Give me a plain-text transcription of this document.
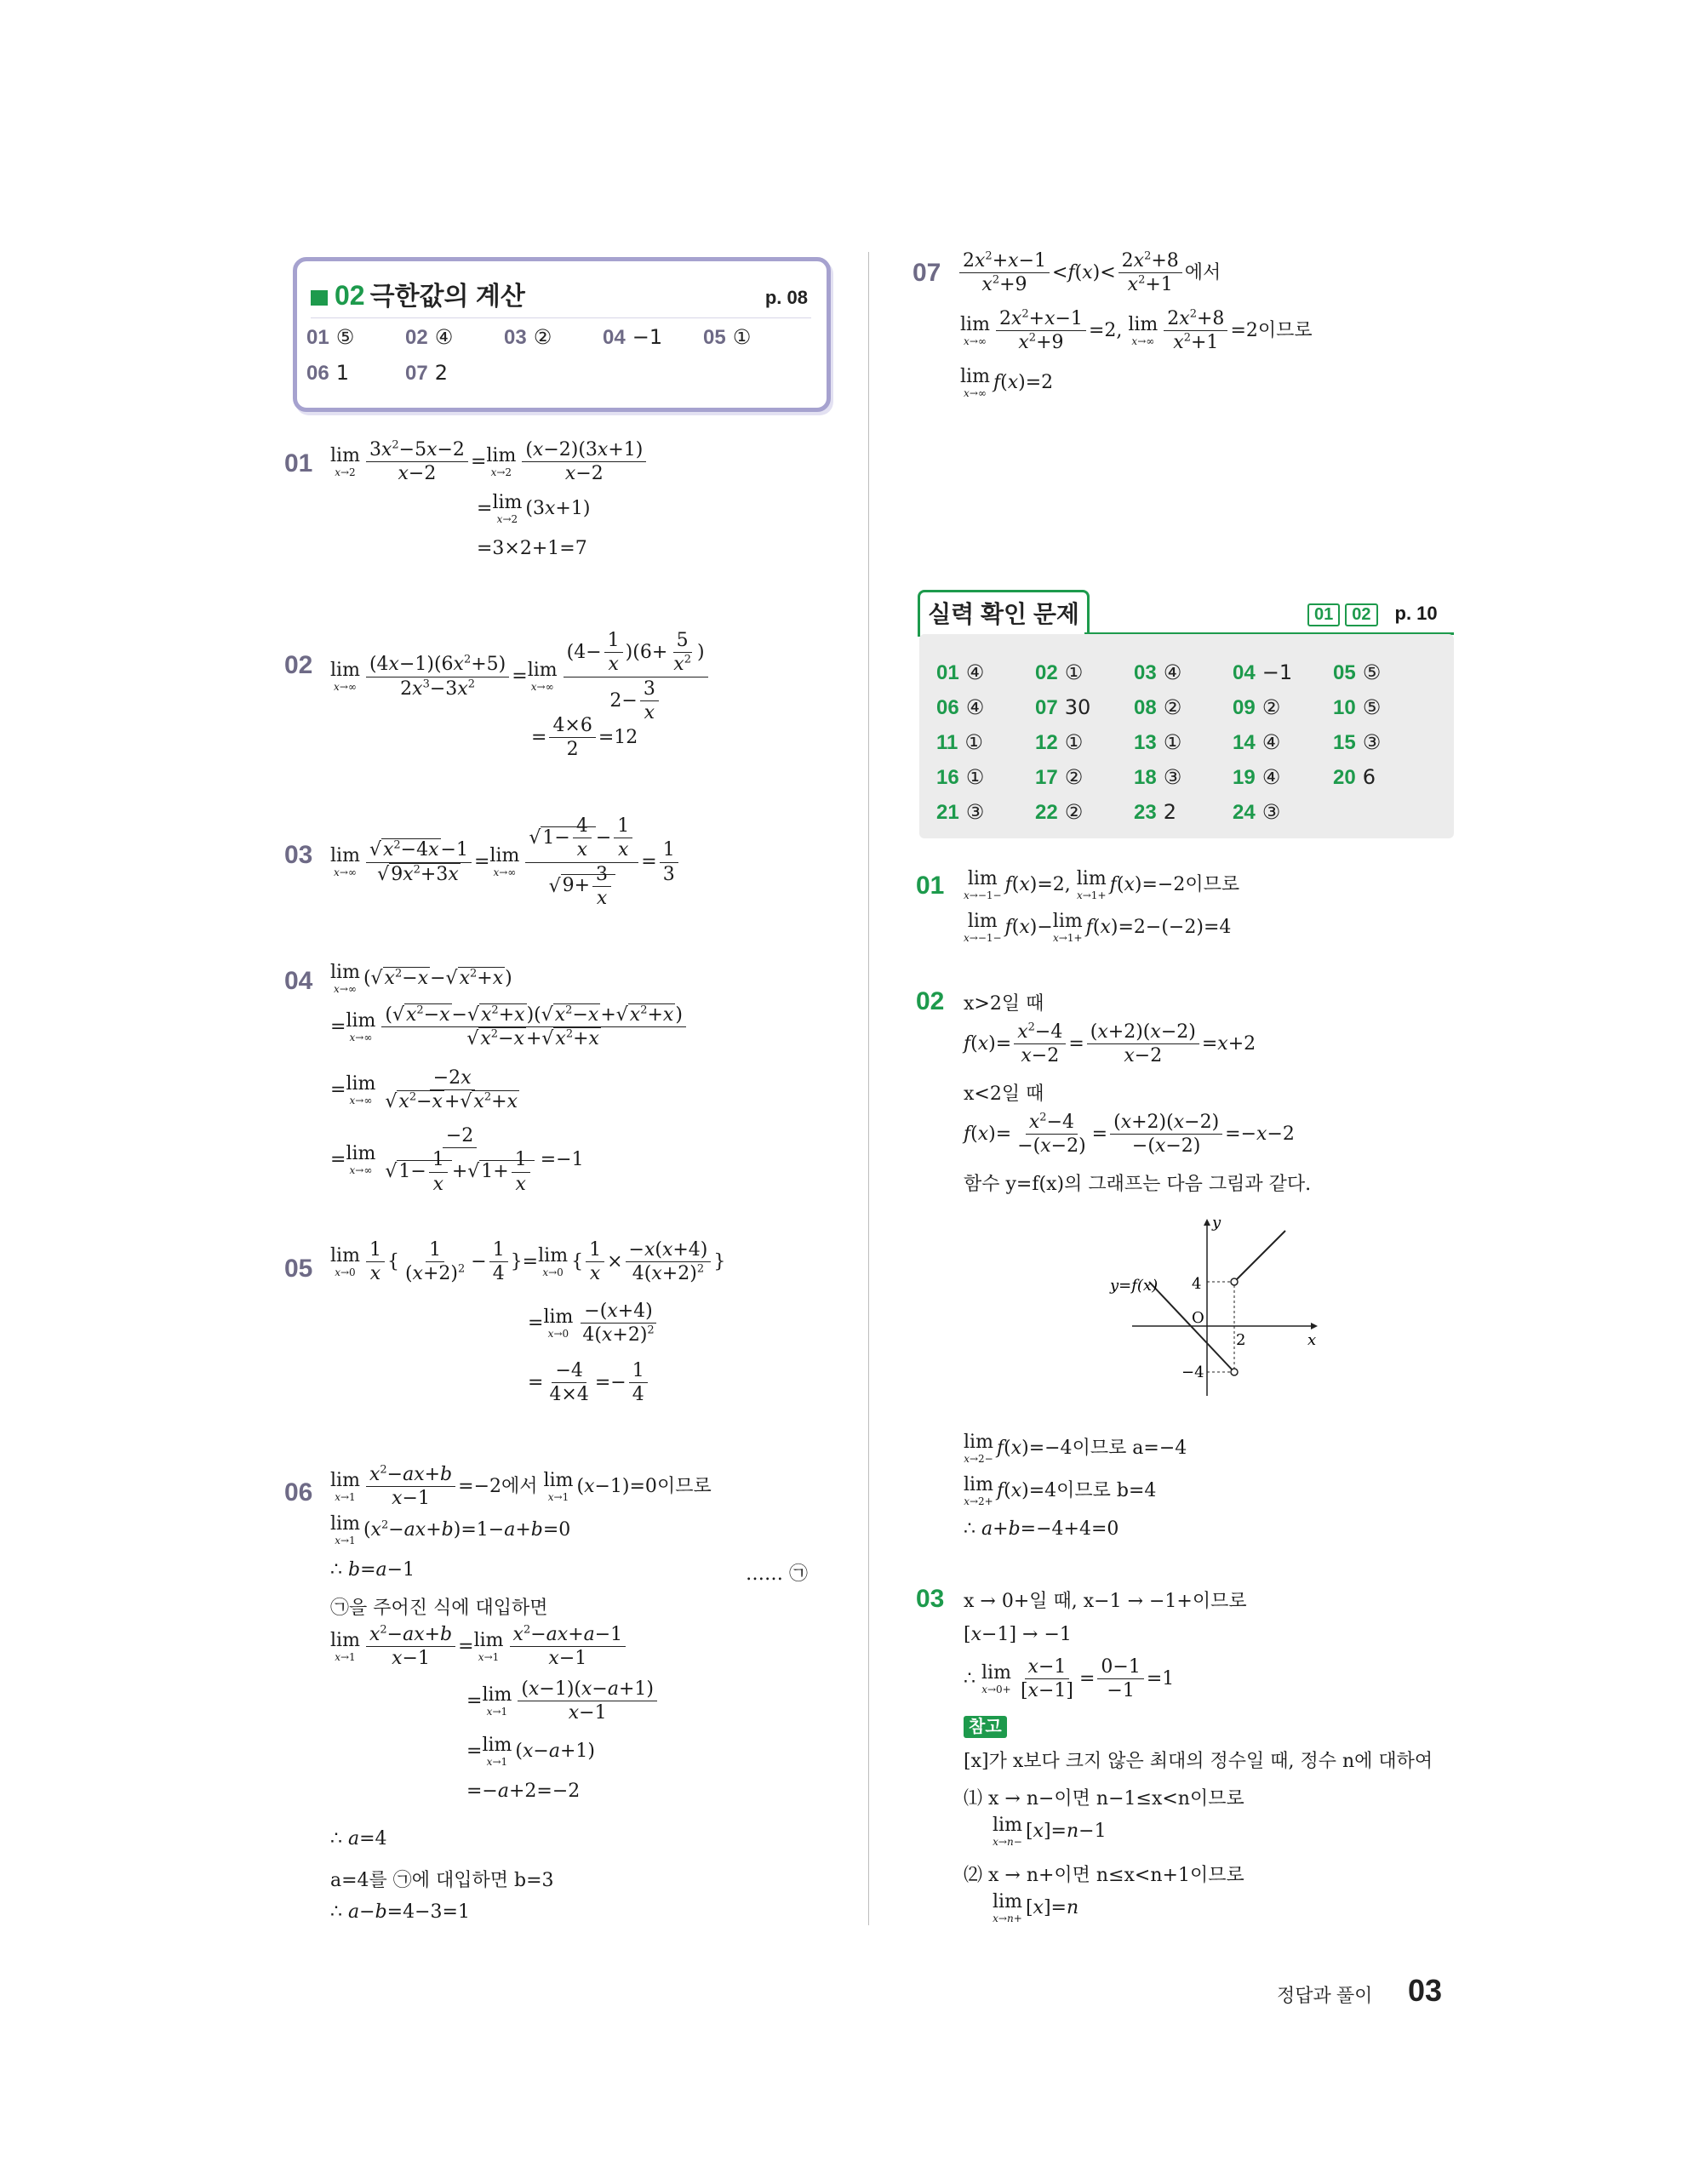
02 극한값의 계산	p. 08
01 ⑤ 02 ④ 03 ② 04 −1 05 ①
06 1	07 2
01 lim
$x\to 2 \frac{3x^2-5x-2}{x-2} = \lim$
$x\to 2 \frac{(x-2)(3x+1)}{x-2}$
= lim
x→2 (3x+1)
=3×2+1=7
02 lim
$x\to\infty \frac{(4x-1)(6x^2+5)}{2x^3-3x^2} = \lim$
$x\to\infty \frac{(4- \frac{1}{x} )(6+ \frac{5}{x^2} )}{2- \frac{3}{x}}$
= $\frac{4\times 6}{2} =12$
03 lim
$x\to\infty \frac{√x^2-4x-1}{√9x^2+3x} = \lim$
$x\to\infty \frac{√1- \frac{4}{x} - \frac{1}{x}}{√9+ \frac{3}{x}} = \frac{1}{3}$
04 lim
x→∞ $(√x^2-x-√x^2+x)$
= lim
$x\to\infty \frac{(√x^2-x-√x^2+x)(√x^2-x+√x^2+x)}{√x^2-x+√x^2+x}$
= lim
$x\to\infty \frac{-2x}{√x^2-x+√x^2+x}$
= lim
$x\to\infty \frac{-2}{√1- \frac{1}{x} +√1+ \frac{1}{x}} =-1$
05 lim
$x\to 0 \frac{1}{x}$ { $\frac{1}{(x+2)^2} - \frac{1}{4}$ }= lim
x→0 { $\frac{1}{x} \times \frac{-x(x+4)}{4(x+2)^2}$ }
= lim
$x\to 0 \frac{-(x+4)}{4(x+2)^2}$
= $\frac{-4}{4\times 4} =- \frac{1}{4}$
06 lim
$x\to 1 \frac{x^2-ax+b}{x-1} =-2$에서 lim
x→1 (x−1)=0이므로
lim
x→1 $(x^2-ax+b)=1-a+b=0$
∴ b=a−1	…… ㉠
㉠을 주어진 식에 대입하면
lim
$x\to 1 \frac{x^2-ax+b}{x-1} = \lim$
$x\to 1 \frac{x^2-ax+a-1}{x-1}$
= lim
$x\to 1 \frac{(x-1)(x-a+1)}{x-1}$
= lim
x→1 (x−a+1)
=−a+2=−2
∴ a=4
a=4를 ㉠에 대입하면 b=3
∴ a−b=4−3=1
$07 \frac{2x^2+x-1}{x^2+9} <f(x)< \frac{2x^2+8}{x^2+1}$ 에서
lim
$x\to\infty \frac{2x^2+x-1}{x^2+9} =2$, lim
$x\to\infty \frac{2x^2+8}{x^2+1} =2$이므로
lim
x→∞ f(x)=2
실력 확인 문제	01 02 p. 10
01 ④ 02 ① 03 ④ 04 −1 05 ⑤
06 ④ 07 30 08 ② 09 ②	10 ⑤
11 ①	12 ① 13 ① 14 ④	15 ③
16 ① 17 ② 18 ③ 19 ④	20 6
21 ③ 22 ② 23 2	24 ③
01 lim
x→−1− f(x)=2, lim
x→1+ f(x)=−2이므로
lim
x→−1− f(x)− lim
x→1+ f(x)=2−(−2)=4
02 x>2일 때
$f(x)= \frac{x^2-4}{x-2} = \frac{(x+2)(x-2)}{x-2} =x+2$
x<2일 때
$f(x)= \frac{x^2-4}{-(x-2)} = \frac{(x+2)(x-2)}{-(x-2)} =-x-2$
함수 y=f(x)의 그래프는 다음 그림과 같다.
y
x
y=f(x)
O
4
−4
2
lim
x→2− f(x)=−4이므로 a=−4
lim
x→2+ f(x)=4이므로 b=4
∴ a+b=−4+4=0
03 x → 0+일 때, x−1 → −1+이므로
[x−1] → −1
∴ lim
$x\to 0+ \frac{x-1}{[x-1]} = \frac{0-1}{-1} =1$
참고
[x]가 x보다 크지 않은 최대의 정수일 때, 정수 n에 대하여
⑴ x → n−이면 n−1≤x<n이므로
lim
x→n− [x]=n−1
⑵ x → n+이면 n≤x<n+1이므로
lim
x→n+ [x]=n
정답과 풀이 03
